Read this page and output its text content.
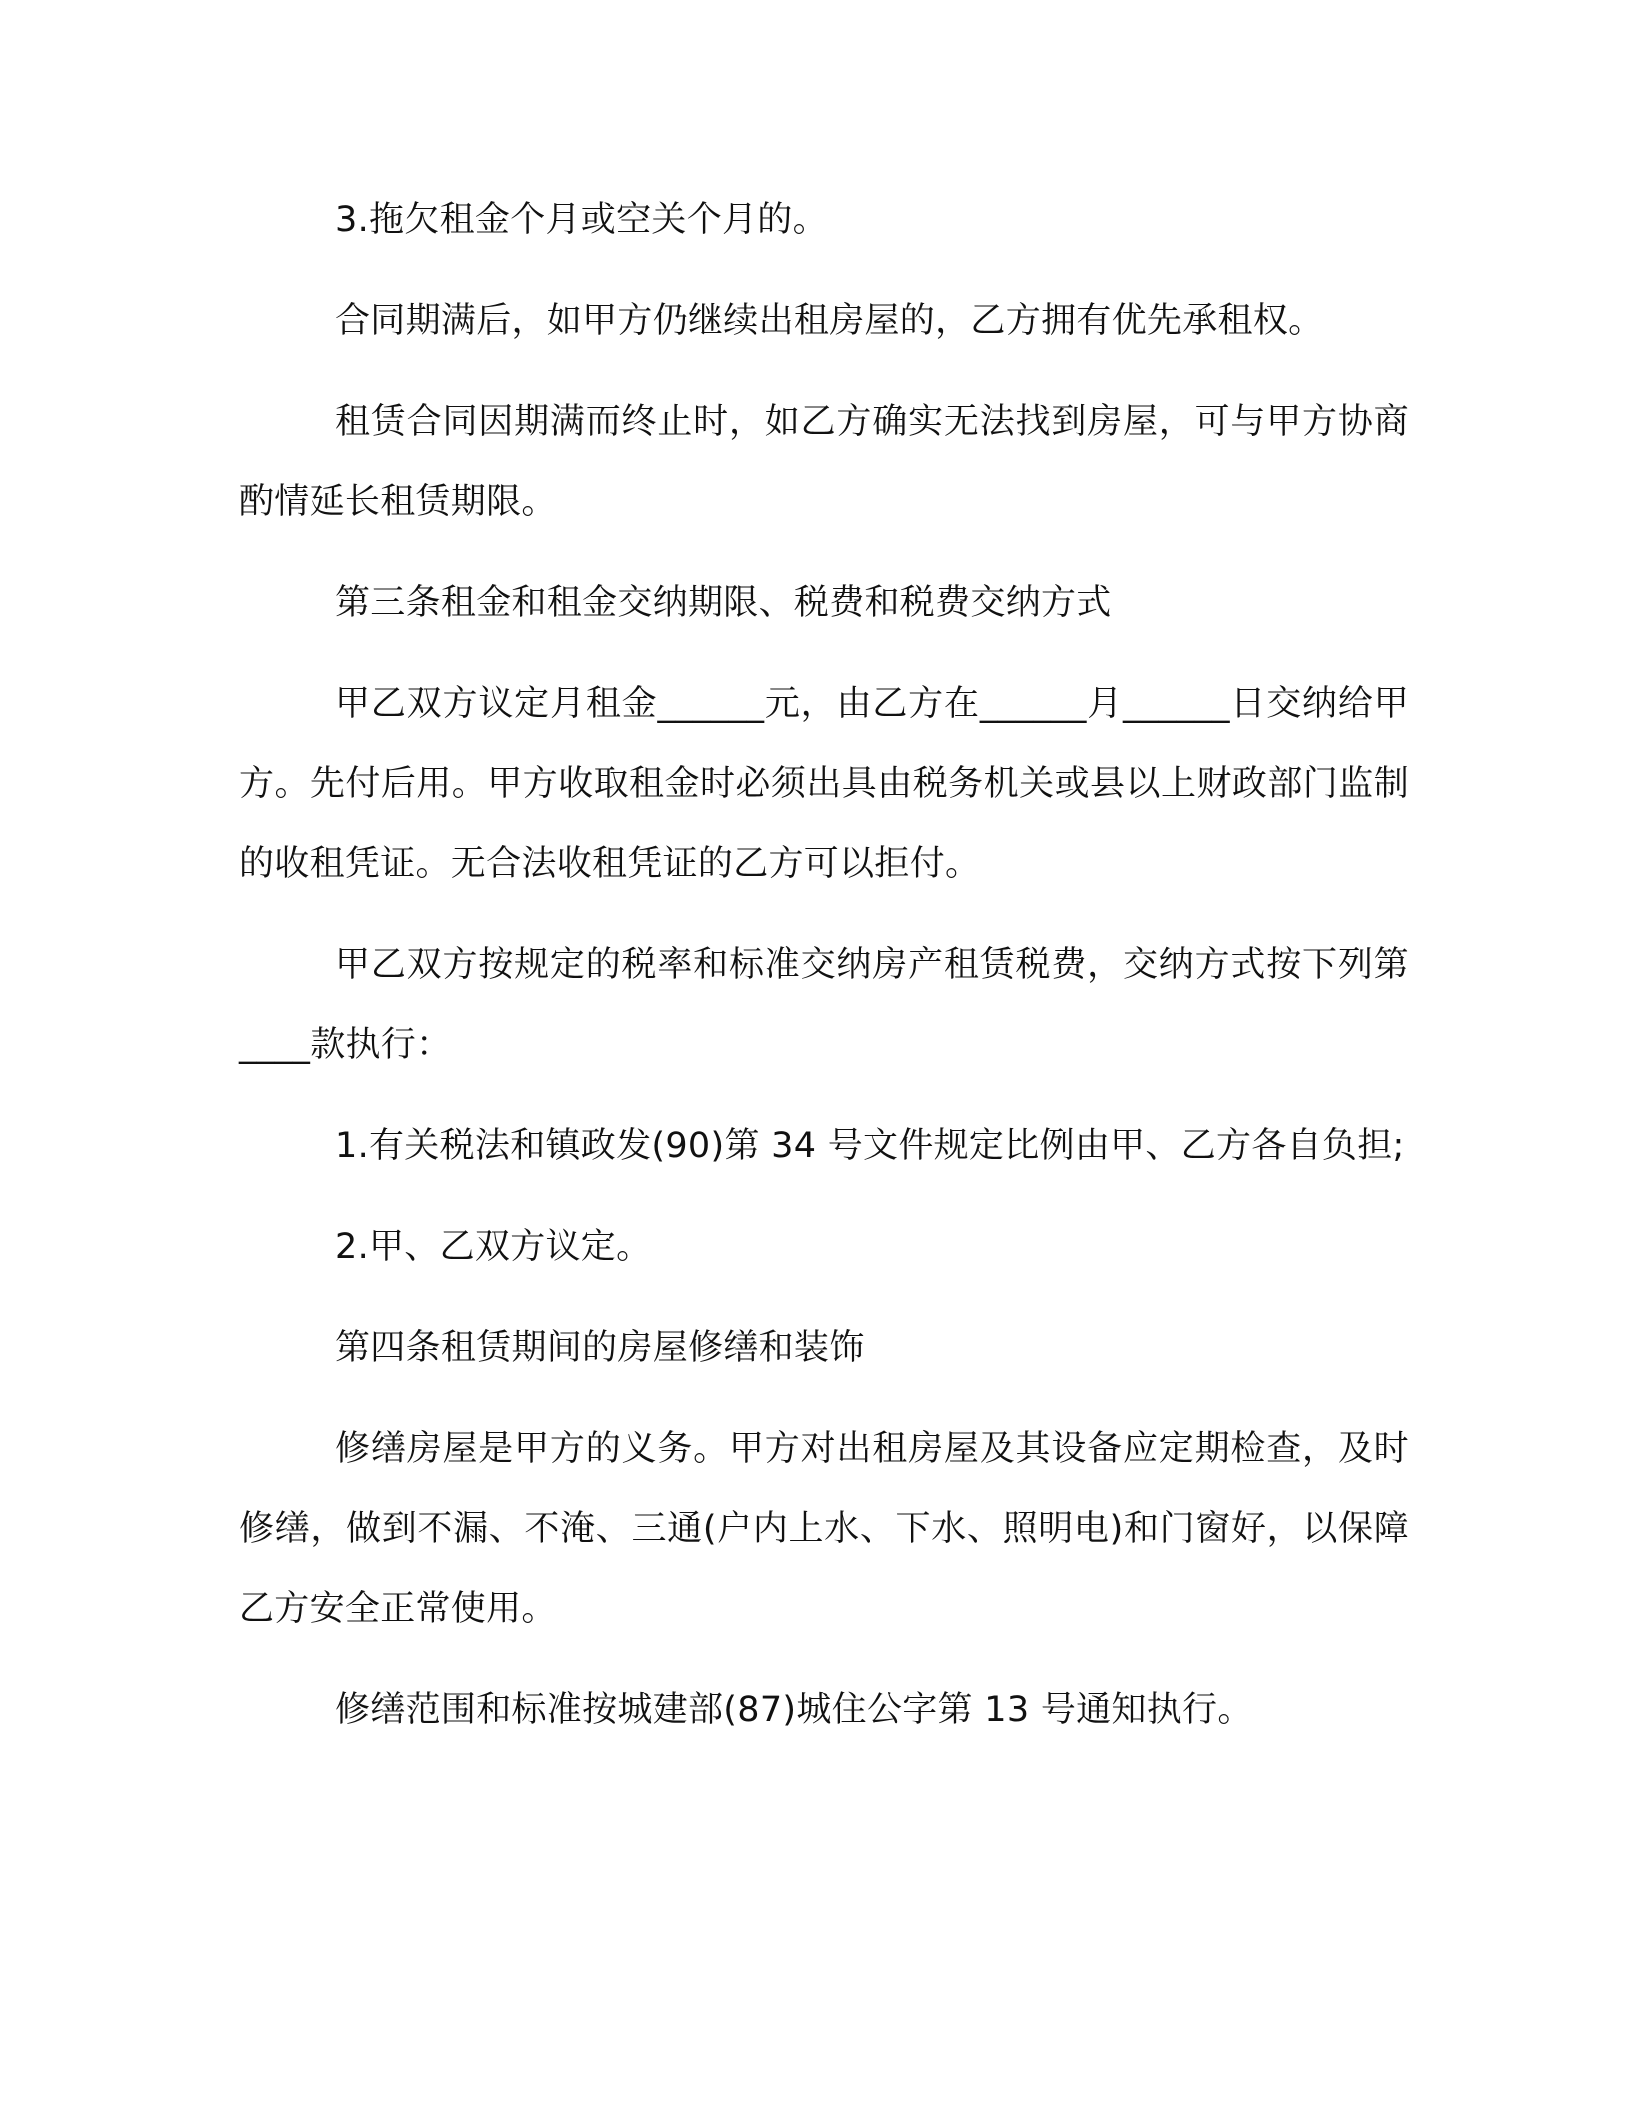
3.拖欠租金个月或空关个月的。

合同期满后，如甲方仍继续出租房屋的，乙方拥有优先承租权。

租赁合同因期满而终止时，如乙方确实无法找到房屋，可与甲方协商酌情延长租赁期限。

第三条租金和租金交纳期限、税费和税费交纳方式

甲乙双方议定月租金______元，由乙方在______月______日交纳给甲方。先付后用。甲方收取租金时必须出具由税务机关或县以上财政部门监制的收租凭证。无合法收租凭证的乙方可以拒付。

甲乙双方按规定的税率和标准交纳房产租赁税费，交纳方式按下列第____款执行：

1.有关税法和镇政发(90)第 34 号文件规定比例由甲、乙方各自负担;

2.甲、乙双方议定。

第四条租赁期间的房屋修缮和装饰

修缮房屋是甲方的义务。甲方对出租房屋及其设备应定期检查，及时修缮，做到不漏、不淹、三通(户内上水、下水、照明电)和门窗好，以保障乙方安全正常使用。

修缮范围和标准按城建部(87)城住公字第 13 号通知执行。
